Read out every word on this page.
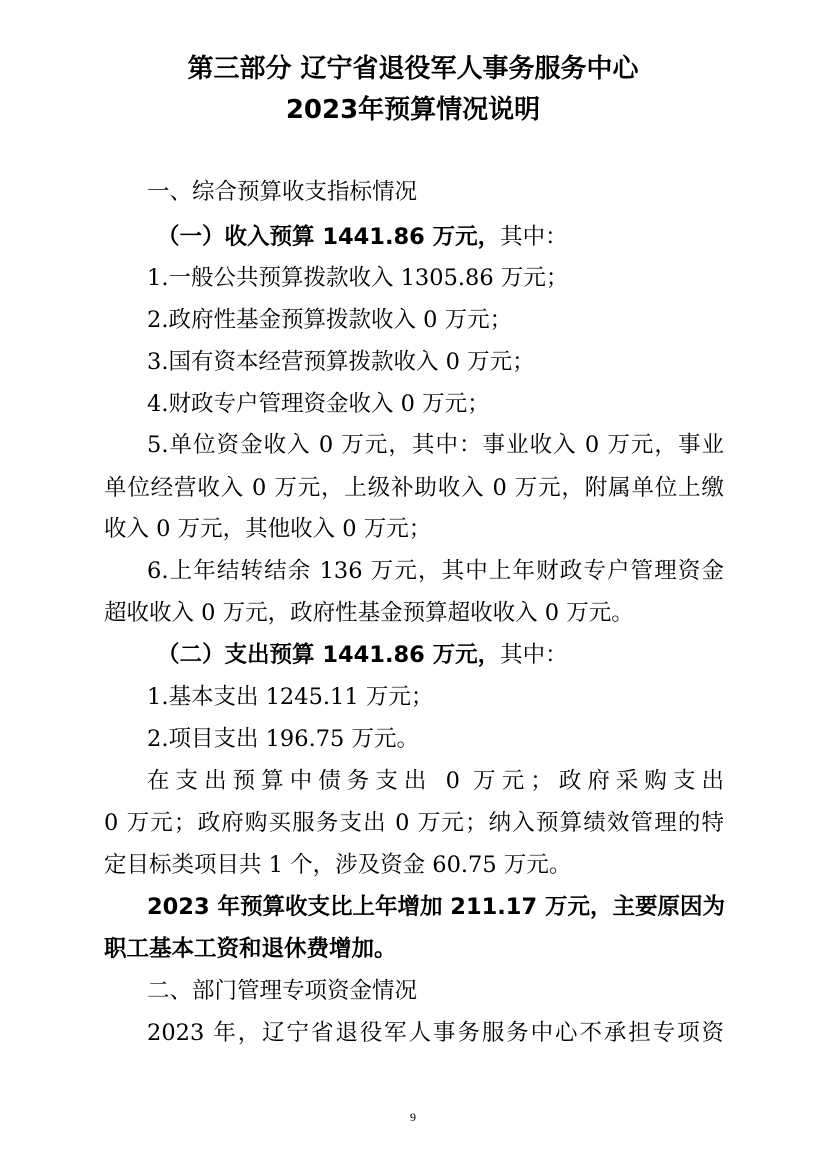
第三部分 辽宁省退役军人事务服务中心
2023年预算情况说明
一、综合预算收支指标情况
（一）收入预算 1441.86 万元，其中：
1.一般公共预算拨款收入 1305.86 万元；
2.政府性基金预算拨款收入 0 万元；
3.国有资本经营预算拨款收入 0 万元；
4.财政专户管理资金收入 0 万元；
5.单位资金收入 0 万元，其中：事业收入 0 万元，事业
单位经营收入 0 万元，上级补助收入 0 万元，附属单位上缴
收入 0 万元，其他收入 0 万元；
6.上年结转结余 136 万元，其中上年财政专户管理资金
超收收入 0 万元，政府性基金预算超收收入 0 万元。
（二）支出预算 1441.86 万元，其中：
1.基本支出 1245.11 万元；
2.项目支出 196.75 万元。
在支出预算中债务支出 0 万元；政府采购支出
0 万元；政府购买服务支出 0 万元；纳入预算绩效管理的特
定目标类项目共 1 个，涉及资金 60.75 万元。
2023 年预算收支比上年增加 211.17 万元，主要原因为
职工基本工资和退休费增加。
二、部门管理专项资金情况
2023 年，辽宁省退役军人事务服务中心不承担专项资
9
